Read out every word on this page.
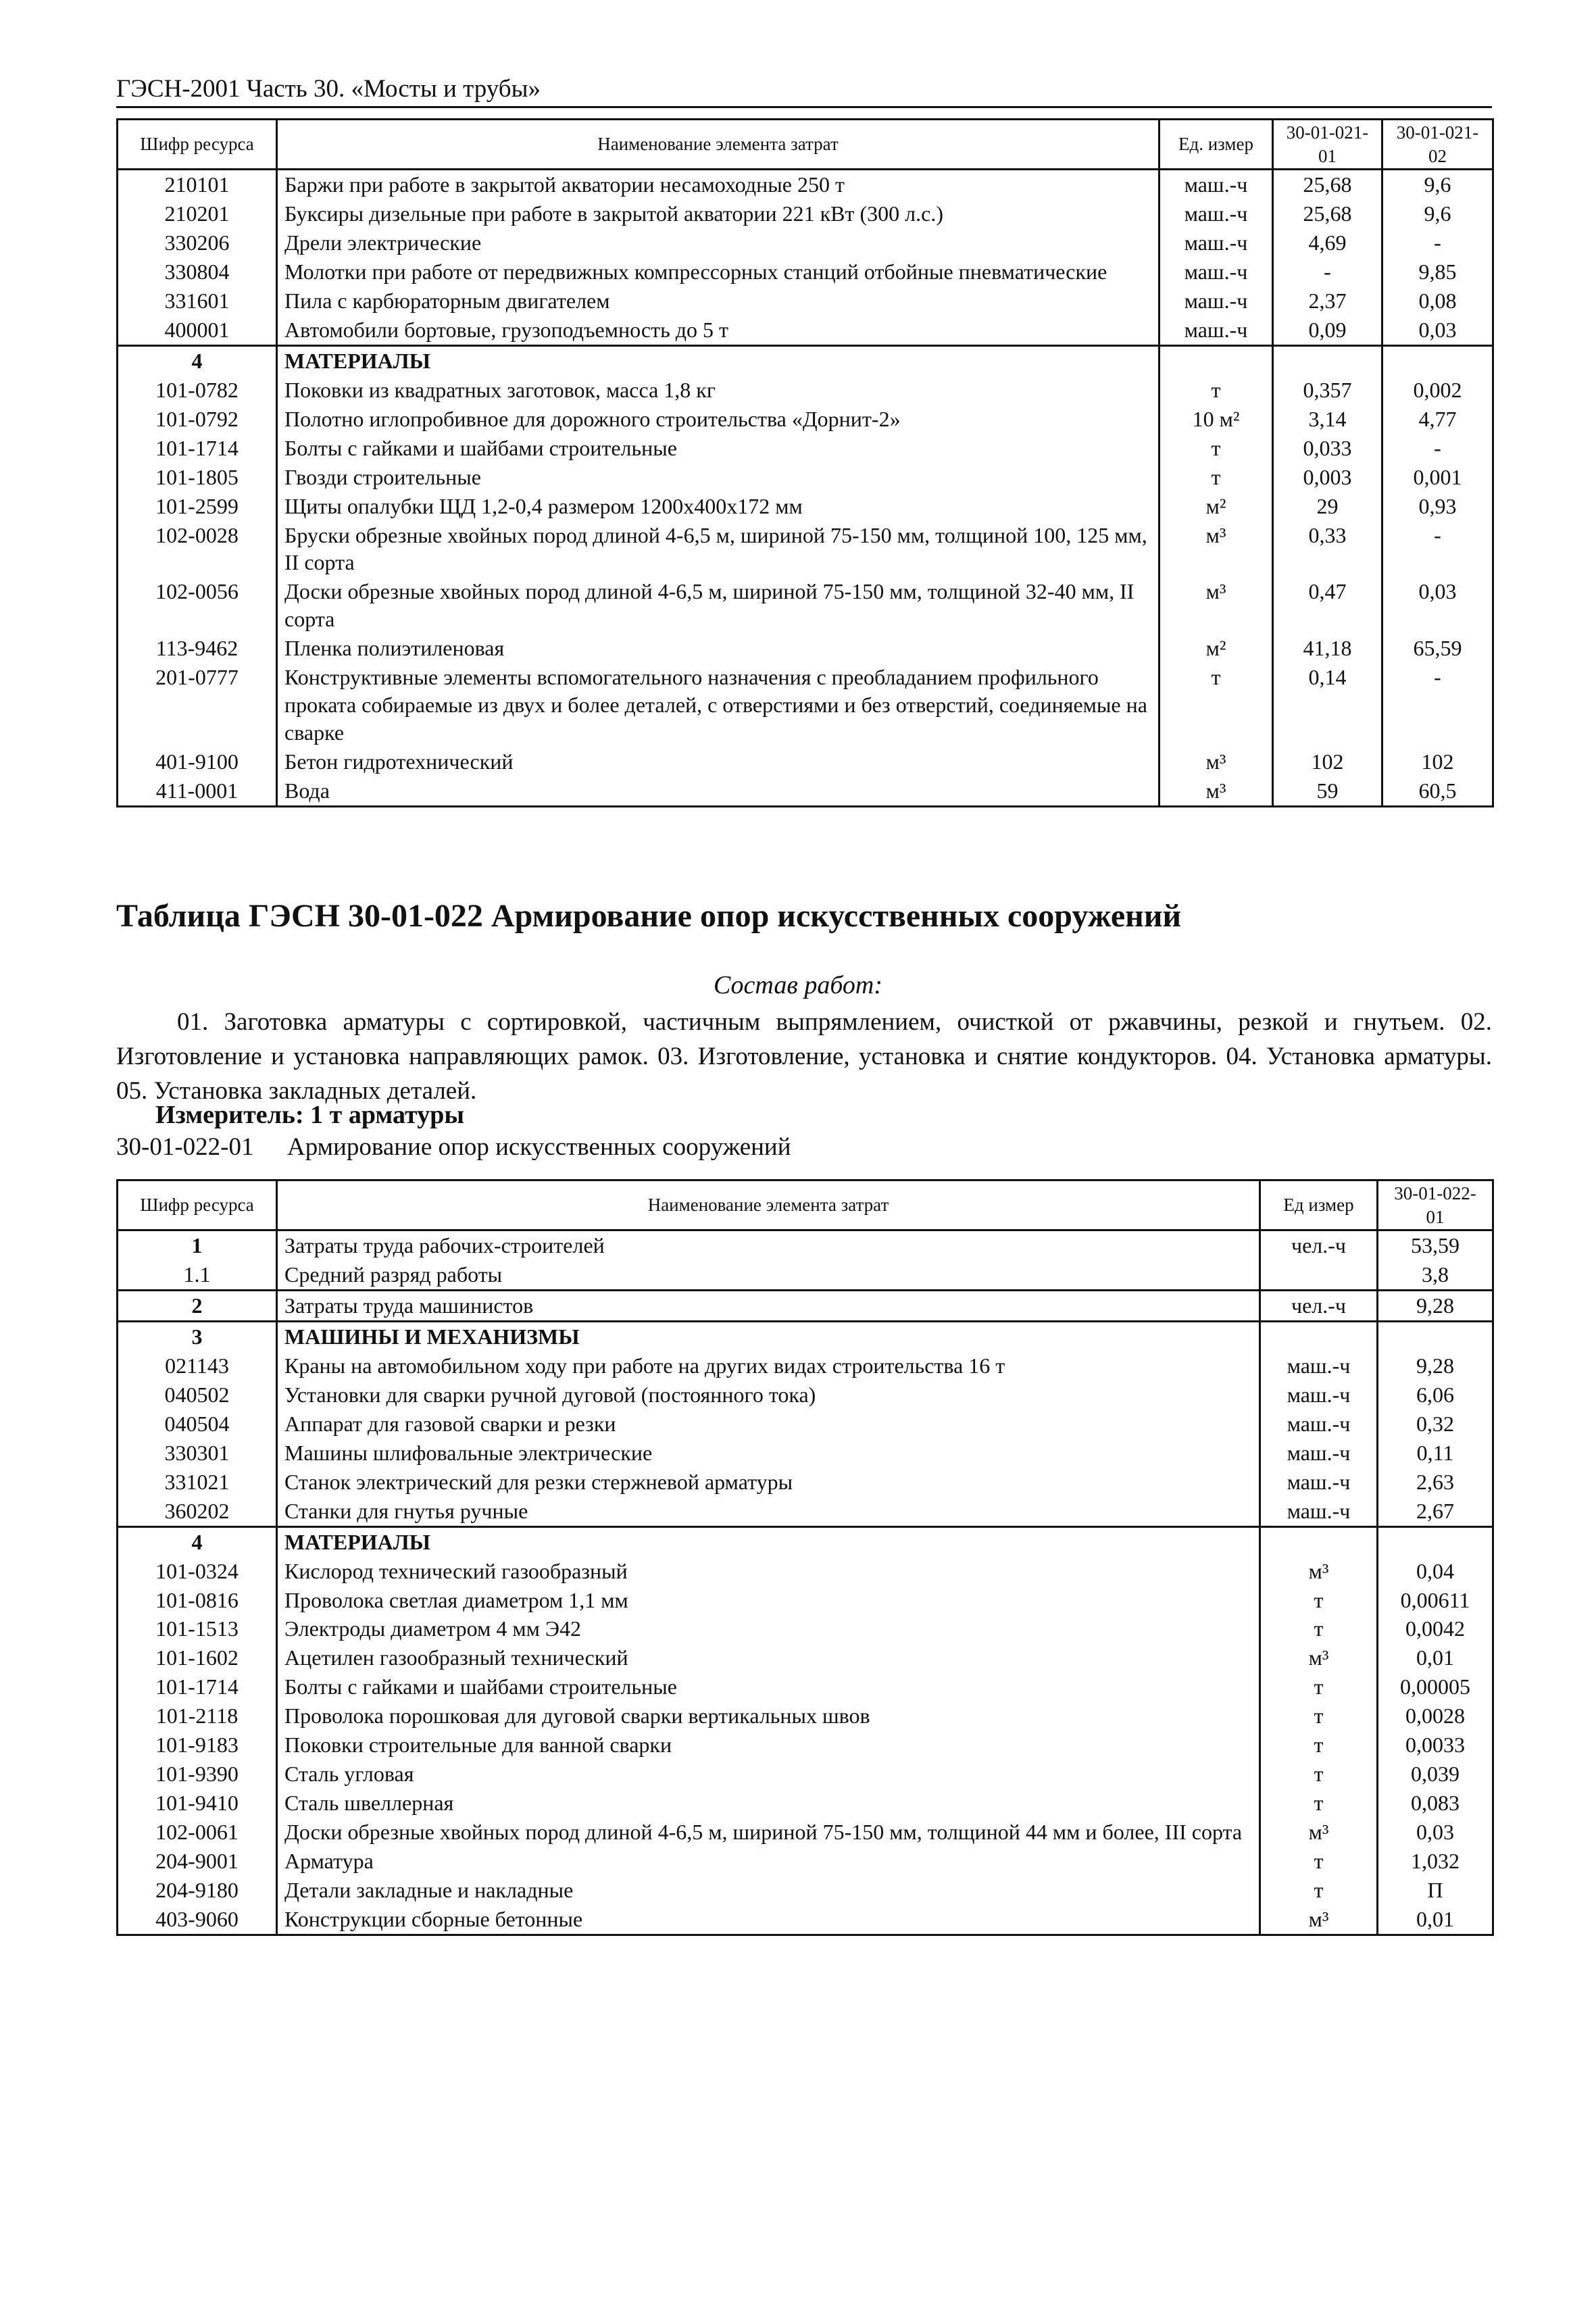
ГЭСН-2001 Часть 30. «Мосты и трубы»
Шифр ресурса	Наименование элемента затрат	Ед. измер	30-01-021-01	30-01-021-02
210101	Баржи при работе в закрытой акватории несамоходные 250 т	маш.-ч	25,68	9,6
210201	Буксиры дизельные при работе в закрытой акватории 221 кВт (300 л.с.)	маш.-ч	25,68	9,6
330206	Дрели электрические	маш.-ч	4,69	-
330804	Молотки при работе от передвижных компрессорных станций отбойные пневматические	маш.-ч	-	9,85
331601	Пила с карбюраторным двигателем	маш.-ч	2,37	0,08
400001	Автомобили бортовые, грузоподъемность до 5 т	маш.-ч	0,09	0,03
4	МАТЕРИАЛЫ			
101-0782	Поковки из квадратных заготовок, масса 1,8 кг	т	0,357	0,002
101-0792	Полотно иглопробивное для дорожного строительства «Дорнит-2»	10 м²	3,14	4,77
101-1714	Болты с гайками и шайбами строительные	т	0,033	-
101-1805	Гвозди строительные	т	0,003	0,001
101-2599	Щиты опалубки ЩД 1,2-0,4 размером 1200х400х172 мм	м²	29	0,93
102-0028	Бруски обрезные хвойных пород длиной 4-6,5 м, шириной 75-150 мм, толщиной 100, 125 мм, II сорта	м³	0,33	-
102-0056	Доски обрезные хвойных пород длиной 4-6,5 м, шириной 75-150 мм, толщиной 32-40 мм, II сорта	м³	0,47	0,03
113-9462	Пленка полиэтиленовая	м²	41,18	65,59
201-0777	Конструктивные элементы вспомогательного назначения с преобладанием профильного проката собираемые из двух и более деталей, с отверстиями и без отверстий, соединяемые на сварке	т	0,14	-
401-9100	Бетон гидротехнический	м³	102	102
411-0001	Вода	м³	59	60,5
Таблица ГЭСН 30-01-022 Армирование опор искусственных сооружений
Состав работ:
01. Заготовка арматуры с сортировкой, частичным выпрямлением, очисткой от ржавчины, резкой и гнутьем. 02. Изготовление и установка направляющих рамок. 03. Изготовление, установка и снятие кондукторов. 04. Установка арматуры. 05. Установка закладных деталей.
Измеритель: 1 т арматуры
30-01-022-01 Армирование опор искусственных сооружений
Шифр ресурса	Наименование элемента затрат	Ед измер	30-01-022-01
1	Затраты труда рабочих-строителей	чел.-ч	53,59
1.1	Средний разряд работы		3,8
2	Затраты труда машинистов	чел.-ч	9,28
3	МАШИНЫ И МЕХАНИЗМЫ		
021143	Краны на автомобильном ходу при работе на других видах строительства 16 т	маш.-ч	9,28
040502	Установки для сварки ручной дуговой (постоянного тока)	маш.-ч	6,06
040504	Аппарат для газовой сварки и резки	маш.-ч	0,32
330301	Машины шлифовальные электрические	маш.-ч	0,11
331021	Станок электрический для резки стержневой арматуры	маш.-ч	2,63
360202	Станки для гнутья ручные	маш.-ч	2,67
4	МАТЕРИАЛЫ		
101-0324	Кислород технический газообразный	м³	0,04
101-0816	Проволока светлая диаметром 1,1 мм	т	0,00611
101-1513	Электроды диаметром 4 мм Э42	т	0,0042
101-1602	Ацетилен газообразный технический	м³	0,01
101-1714	Болты с гайками и шайбами строительные	т	0,00005
101-2118	Проволока порошковая для дуговой сварки вертикальных швов	т	0,0028
101-9183	Поковки строительные для ванной сварки	т	0,0033
101-9390	Сталь угловая	т	0,039
101-9410	Сталь швеллерная	т	0,083
102-0061	Доски обрезные хвойных пород длиной 4-6,5 м, шириной 75-150 мм, толщиной 44 мм и более, III сорта	м³	0,03
204-9001	Арматура	т	1,032
204-9180	Детали закладные и накладные	т	П
403-9060	Конструкции сборные бетонные	м³	0,01
